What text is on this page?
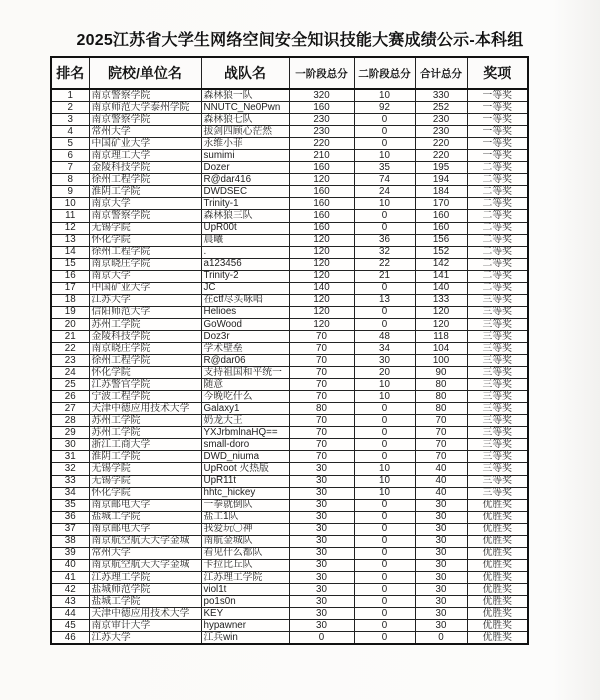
2025江苏省大学生网络空间安全知识技能大赛成绩公示-本科组
排名	院校/单位名	战队名	一阶段总分	二阶段总分	合计总分	奖项
1	南京警察学院	森林狼一队	320	10	330	一等奖
2	南京师范大学泰州学院	NNUTC_Ne0Pwn	160	92	252	一等奖
3	南京警察学院	森林狼七队	230	0	230	一等奖
4	常州大学	拔剑四顾心茫然	230	0	230	一等奖
5	中国矿业大学	永维小菲	220	0	220	一等奖
6	南京理工大学	sumimi	210	10	220	一等奖
7	金陵科技学院	Dozer	160	35	195	二等奖
8	徐州工程学院	R@dar416	120	74	194	二等奖
9	淮阴工学院	DWDSEC	160	24	184	二等奖
10	南京大学	Trinity-1	160	10	170	二等奖
11	南京警察学院	森林狼三队	160	0	160	二等奖
12	无锡学院	UpR00t	160	0	160	二等奖
13	怀化学院	晨曦	120	36	156	二等奖
14	徐州工程学院	.	120	32	152	二等奖
15	南京晓庄学院	a123456	120	22	142	二等奖
16	南京大学	Trinity-2	120	21	141	二等奖
17	中国矿业大学	JC	140	0	140	二等奖
18	江苏大学	在ctf尽头咏唱	120	13	133	三等奖
19	信阳师范大学	Helioes	120	0	120	三等奖
20	苏州工学院	GoWood	120	0	120	三等奖
21	金陵科技学院	Doz3r	70	48	118	三等奖
22	南京晓庄学院	学术壁垒	70	34	104	三等奖
23	徐州工程学院	R@dar06	70	30	100	三等奖
24	怀化学院	支持祖国和平统一	70	20	90	三等奖
25	江苏警官学院	随意	70	10	80	三等奖
26	宁波工程学院	今晚吃什么	70	10	80	三等奖
27	天津中德应用技术大学	Galaxy1	80	0	80	三等奖
28	苏州工学院	奶龙大王	70	0	70	三等奖
29	苏州工学院	YXJrbmlnaHQ==	70	0	70	三等奖
30	浙江工商大学	small-doro	70	0	70	三等奖
31	淮阴工学院	DWD_niuma	70	0	70	三等奖
32	无锡学院	UpRoot 火热版	30	10	40	三等奖
33	无锡学院	UpR11t	30	10	40	三等奖
34	怀化学院	hhtc_hickey	30	10	40	三等奖
35	南京邮电大学	一拳就倒队	30	0	30	优胜奖
36	盐城工学院	盐工1队	30	0	30	优胜奖
37	南京邮电大学	我爱玩〇神	30	0	30	优胜奖
38	南京航空航天大学金城	南航金城队	30	0	30	优胜奖
39	常州大学	看见什么都队	30	0	30	优胜奖
40	南京航空航天大学金城	卡拉比丘队	30	0	30	优胜奖
41	江苏理工学院	江苏理工学院	30	0	30	优胜奖
42	盐城师范学院	viol1t	30	0	30	优胜奖
43	盐城工学院	po1s0n	30	0	30	优胜奖
44	天津中德应用技术大学	KEY	30	0	30	优胜奖
45	南京审计大学	hypawner	30	0	30	优胜奖
46	江苏大学	江兵win	0	0	0	优胜奖
